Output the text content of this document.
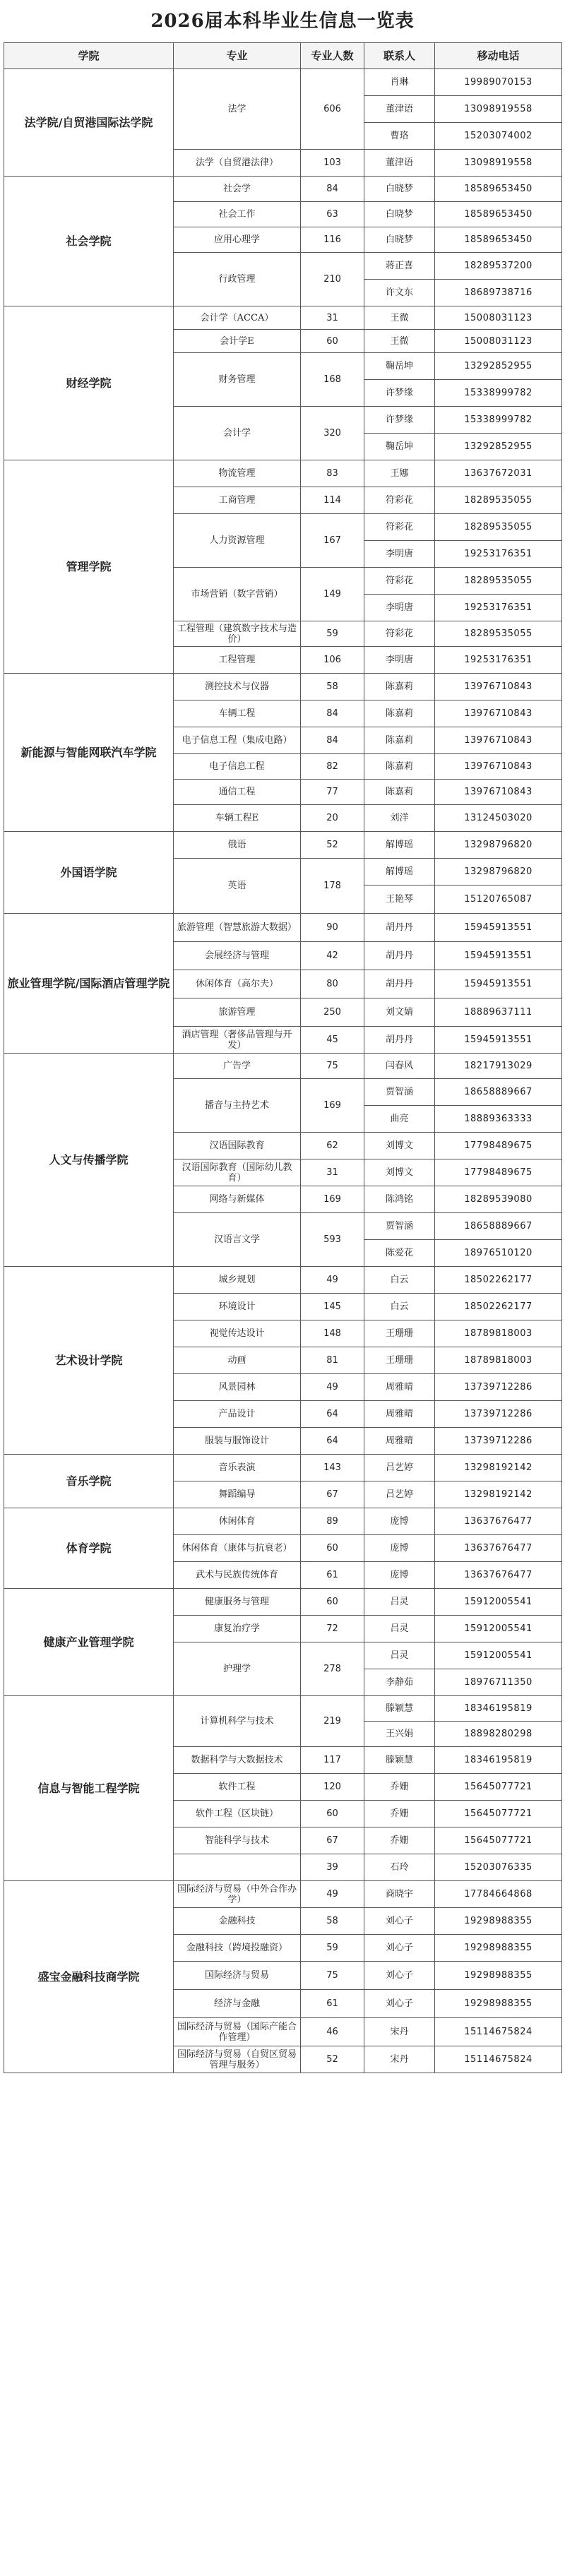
2026届本科毕业生信息一览表
学院	专业	专业人数	联系人	移动电话
法学院/自贸港国际法学院	法学	606	肖琳	19989070153
			董津语	13098919558
			曹珞	15203074002
	法学（自贸港法律）	103	董津语	13098919558
社会学院	社会学	84	白晓梦	18589653450
	社会工作	63	白晓梦	18589653450
	应用心理学	116	白晓梦	18589653450
	行政管理	210	蒋正喜	18289537200
			许文东	18689738716
财经学院	会计学（ACCA）	31	王微	15008031123
	会计学E	60	王微	15008031123
	财务管理	168	鞠岳坤	13292852955
			许梦缘	15338999782
	会计学	320	许梦缘	15338999782
			鞠岳坤	13292852955
管理学院	物流管理	83	王娜	13637672031
	工商管理	114	符彩花	18289535055
	人力资源管理	167	符彩花	18289535055
			李明唐	19253176351
	市场营销（数字营销）	149	符彩花	18289535055
			李明唐	19253176351
	工程管理（建筑数字技术与造价）	59	符彩花	18289535055
	工程管理	106	李明唐	19253176351
新能源与智能网联汽车学院	测控技术与仪器	58	陈嘉莉	13976710843
	车辆工程	84	陈嘉莉	13976710843
	电子信息工程（集成电路）	84	陈嘉莉	13976710843
	电子信息工程	82	陈嘉莉	13976710843
	通信工程	77	陈嘉莉	13976710843
	车辆工程E	20	刘洋	13124503020
外国语学院	俄语	52	解博瑶	13298796820
	英语	178	解博瑶	13298796820
			王艳琴	15120765087
旅业管理学院/国际酒店管理学院	旅游管理（智慧旅游大数据）	90	胡丹丹	15945913551
	会展经济与管理	42	胡丹丹	15945913551
	休闲体育（高尔夫）	80	胡丹丹	15945913551
	旅游管理	250	刘文婧	18889637111
	酒店管理（奢侈品管理与开发）	45	胡丹丹	15945913551
人文与传播学院	广告学	75	闫春风	18217913029
	播音与主持艺术	169	贾智涵	18658889667
			曲亮	18889363333
	汉语国际教育	62	刘博文	17798489675
	汉语国际教育（国际幼儿教育）	31	刘博文	17798489675
	网络与新媒体	169	陈鸿铭	18289539080
	汉语言文学	593	贾智涵	18658889667
			陈爱花	18976510120
艺术设计学院	城乡规划	49	白云	18502262177
	环境设计	145	白云	18502262177
	视觉传达设计	148	王珊珊	18789818003
	动画	81	王珊珊	18789818003
	风景园林	49	周雅晴	13739712286
	产品设计	64	周雅晴	13739712286
	服装与服饰设计	64	周雅晴	13739712286
音乐学院	音乐表演	143	吕艺婷	13298192142
	舞蹈编导	67	吕艺婷	13298192142
体育学院	休闲体育	89	庞博	13637676477
	休闲体育（康体与抗衰老）	60	庞博	13637676477
	武术与民族传统体育	61	庞博	13637676477
健康产业管理学院	健康服务与管理	60	吕灵	15912005541
	康复治疗学	72	吕灵	15912005541
	护理学	278	吕灵	15912005541
			李静茹	18976711350
信息与智能工程学院	计算机科学与技术	219	滕颖慧	18346195819
			王兴娟	18898280298
	数据科学与大数据技术	117	滕颖慧	18346195819
	软件工程	120	乔姗	15645077721
	软件工程（区块链）	60	乔姗	15645077721
	智能科学与技术	67	乔姗	15645077721
		39	石玲	15203076335
盛宝金融科技商学院	国际经济与贸易（中外合作办学）	49	商晓宇	17784664868
	金融科技	58	刘心子	19298988355
	金融科技（跨境投融资）	59	刘心子	19298988355
	国际经济与贸易	75	刘心子	19298988355
	经济与金融	61	刘心子	19298988355
	国际经济与贸易（国际产能合作管理）	46	宋丹	15114675824
	国际经济与贸易（自贸区贸易管理与服务）	52	宋丹	15114675824
